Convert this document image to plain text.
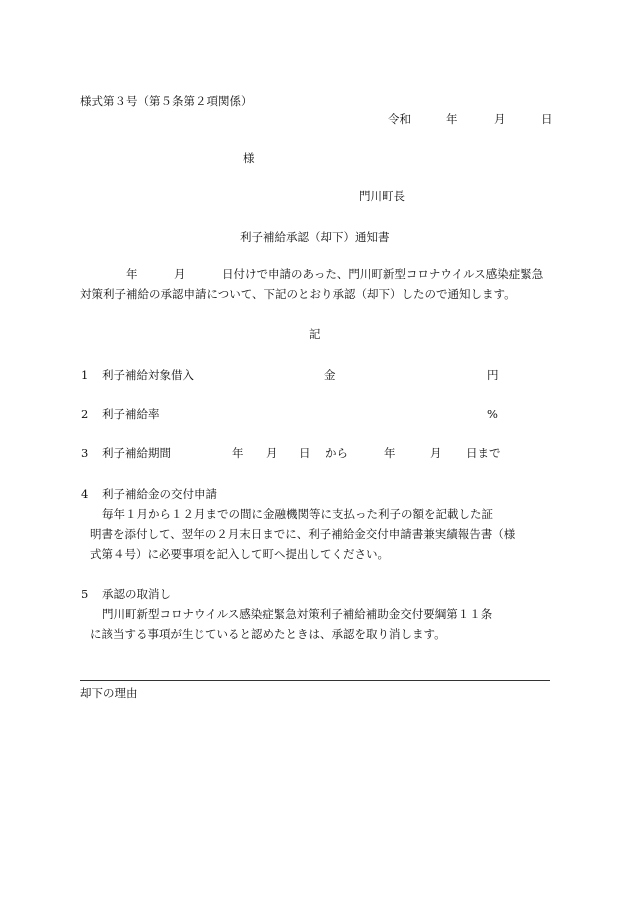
様式第３号（第５条第２項関係）
令和	年	月	日
様
門川町長
利子補給承認（却下）通知書
年	月	日付けで申請のあった、門川町新型コロナウイルス感染症緊急
対策利子補給の承認申請について、下記のとおり承認（却下）したので通知します。
記
1 利子補給対象借入	金	円
2 利子補給率	%
3 利子補給期間	年 月 日 から	年	月 日まで
4 利子補給金の交付申請
毎年１月から１２月までの間に金融機関等に支払った利子の額を記載した証
明書を添付して、翌年の２月末日までに、利子補給金交付申請書兼実績報告書（様
式第４号）に必要事項を記入して町へ提出してください。
5 承認の取消し
門川町新型コロナウイルス感染症緊急対策利子補給補助金交付要綱第１１条
に該当する事項が生じていると認めたときは、承認を取り消します。
却下の理由
